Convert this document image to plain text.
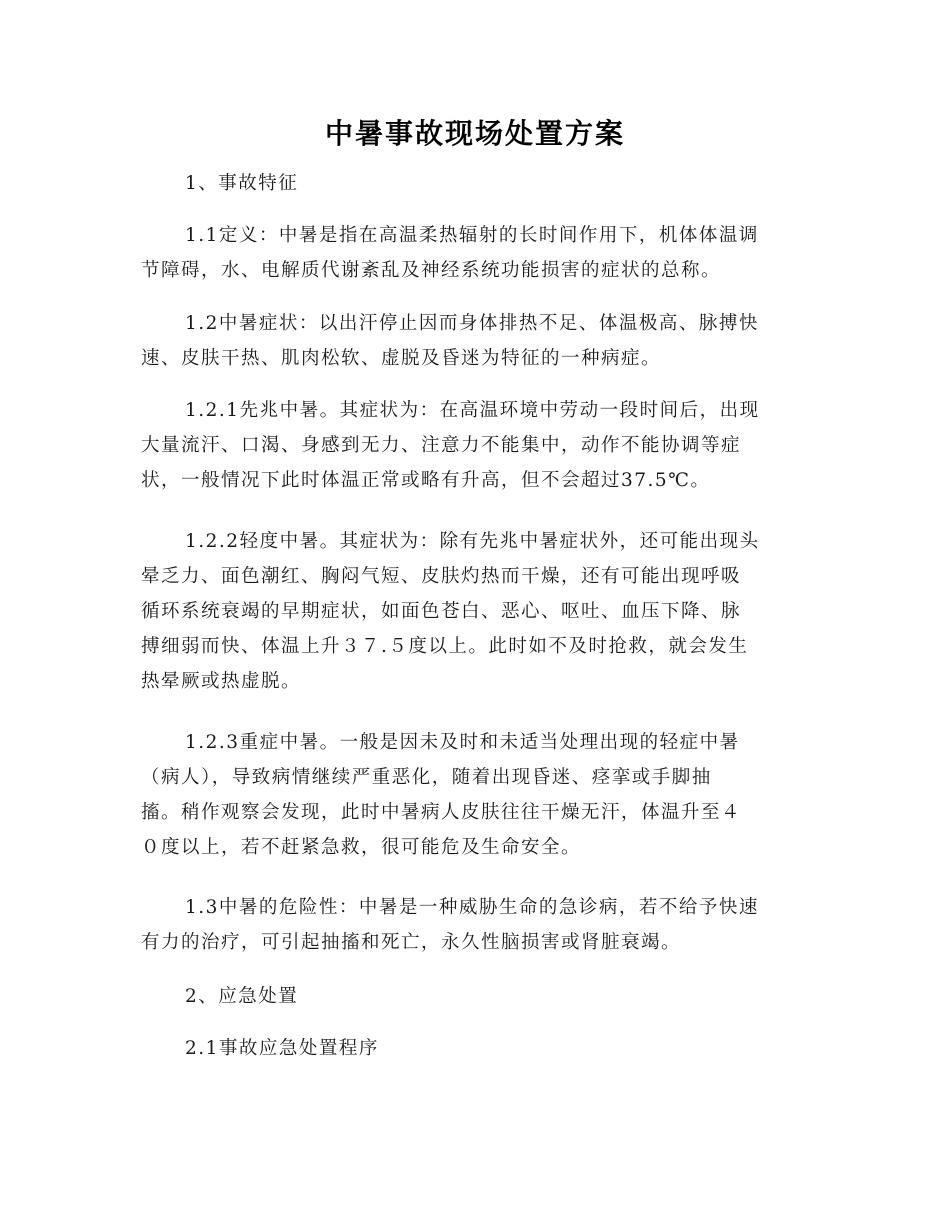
中暑事故现场处置方案

1、事故特征

1.1定义：中暑是指在高温柔热辐射的长时间作用下，机体体温调
节障碍，水、电解质代谢紊乱及神经系统功能损害的症状的总称。

1.2中暑症状：以出汗停止因而身体排热不足、体温极高、脉搏快
速、皮肤干热、肌肉松软、虚脱及昏迷为特征的一种病症。

1.2.1先兆中暑。其症状为：在高温环境中劳动一段时间后，出现
大量流汗、口渴、身感到无力、注意力不能集中，动作不能协调等症
状，一般情况下此时体温正常或略有升高，但不会超过37.5℃。

1.2.2轻度中暑。其症状为：除有先兆中暑症状外，还可能出现头
晕乏力、面色潮红、胸闷气短、皮肤灼热而干燥，还有可能出现呼吸
循环系统衰竭的早期症状，如面色苍白、恶心、呕吐、血压下降、脉
搏细弱而快、体温上升３７.５度以上。此时如不及时抢救，就会发生
热晕厥或热虚脱。

1.2.3重症中暑。一般是因未及时和未适当处理出现的轻症中暑
（病人），导致病情继续严重恶化，随着出现昏迷、痉挛或手脚抽
搐。稍作观察会发现，此时中暑病人皮肤往往干燥无汗，体温升至４
０度以上，若不赶紧急救，很可能危及生命安全。

1.3中暑的危险性：中暑是一种威胁生命的急诊病，若不给予快速
有力的治疗，可引起抽搐和死亡，永久性脑损害或肾脏衰竭。

2、应急处置

2.1事故应急处置程序
